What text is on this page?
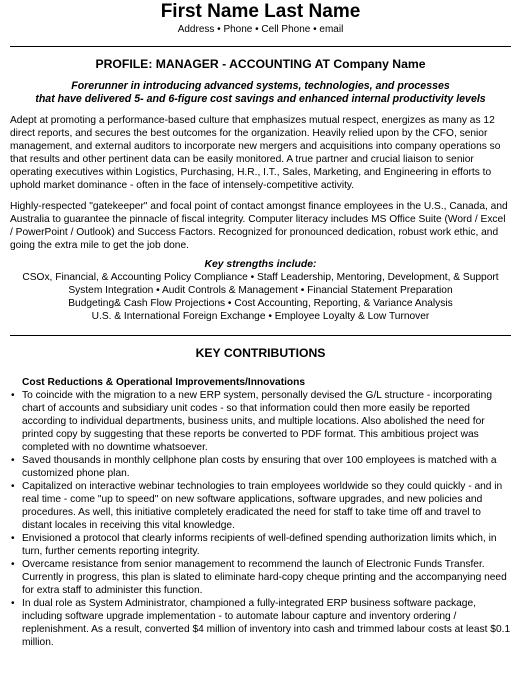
First Name Last Name
Address • Phone • Cell Phone • email
PROFILE: MANAGER - ACCOUNTING AT Company Name
Forerunner in introducing advanced systems, technologies, and processes
that have delivered 5- and 6-figure cost savings and enhanced internal productivity levels

Adept at promoting a performance-based culture that emphasizes mutual respect, energizes as many as 12 direct reports, and secures the best outcomes for the organization. Heavily relied upon by the CFO, senior management, and external auditors to incorporate new mergers and acquisitions into company operations so that results and other pertinent data can be easily monitored. A true partner and crucial liaison to senior operating executives within Logistics, Purchasing, H.R., I.T., Sales, Marketing, and Engineering in efforts to uphold market dominance - often in the face of intensely-competitive activity.

Highly-respected "gatekeeper" and focal point of contact amongst finance employees in the U.S., Canada, and Australia to guarantee the pinnacle of fiscal integrity. Computer literacy includes MS Office Suite (Word / Excel / PowerPoint / Outlook) and Success Factors. Recognized for pronounced dedication, robust work ethic, and going the extra mile to get the job done.

Key strengths include:
CSOx, Financial, & Accounting Policy Compliance • Staff Leadership, Mentoring, Development, & Support
System Integration • Audit Controls & Management • Financial Statement Preparation
Budgeting& Cash Flow Projections • Cost Accounting, Reporting, & Variance Analysis
U.S. & International Foreign Exchange • Employee Loyalty & Low Turnover
KEY CONTRIBUTIONS
Cost Reductions & Operational Improvements/Innovations
• To coincide with the migration to a new ERP system, personally devised the G/L structure - incorporating chart of accounts and subsidiary unit codes - so that information could then more easily be reported according to individual departments, business units, and multiple locations. Also abolished the need for printed copy by suggesting that these reports be converted to PDF format. This ambitious project was completed with no downtime whatsoever.
• Saved thousands in monthly cellphone plan costs by ensuring that over 100 employees is matched with a customized phone plan.
• Capitalized on interactive webinar technologies to train employees worldwide so they could quickly - and in real time - come "up to speed" on new software applications, software upgrades, and new policies and procedures. As well, this initiative completely eradicated the need for staff to take time off and travel to distant locales in receiving this vital knowledge.
• Envisioned a protocol that clearly informs recipients of well-defined spending authorization limits which, in turn, further cements reporting integrity.
• Overcame resistance from senior management to recommend the launch of Electronic Funds Transfer. Currently in progress, this plan is slated to eliminate hard-copy cheque printing and the accompanying need for extra staff to administer this function.
• In dual role as System Administrator, championed a fully-integrated ERP business software package, including software upgrade implementation - to automate labour capture and inventory ordering / replenishment. As a result, converted $4 million of inventory into cash and trimmed labour costs at least $0.1 million.
